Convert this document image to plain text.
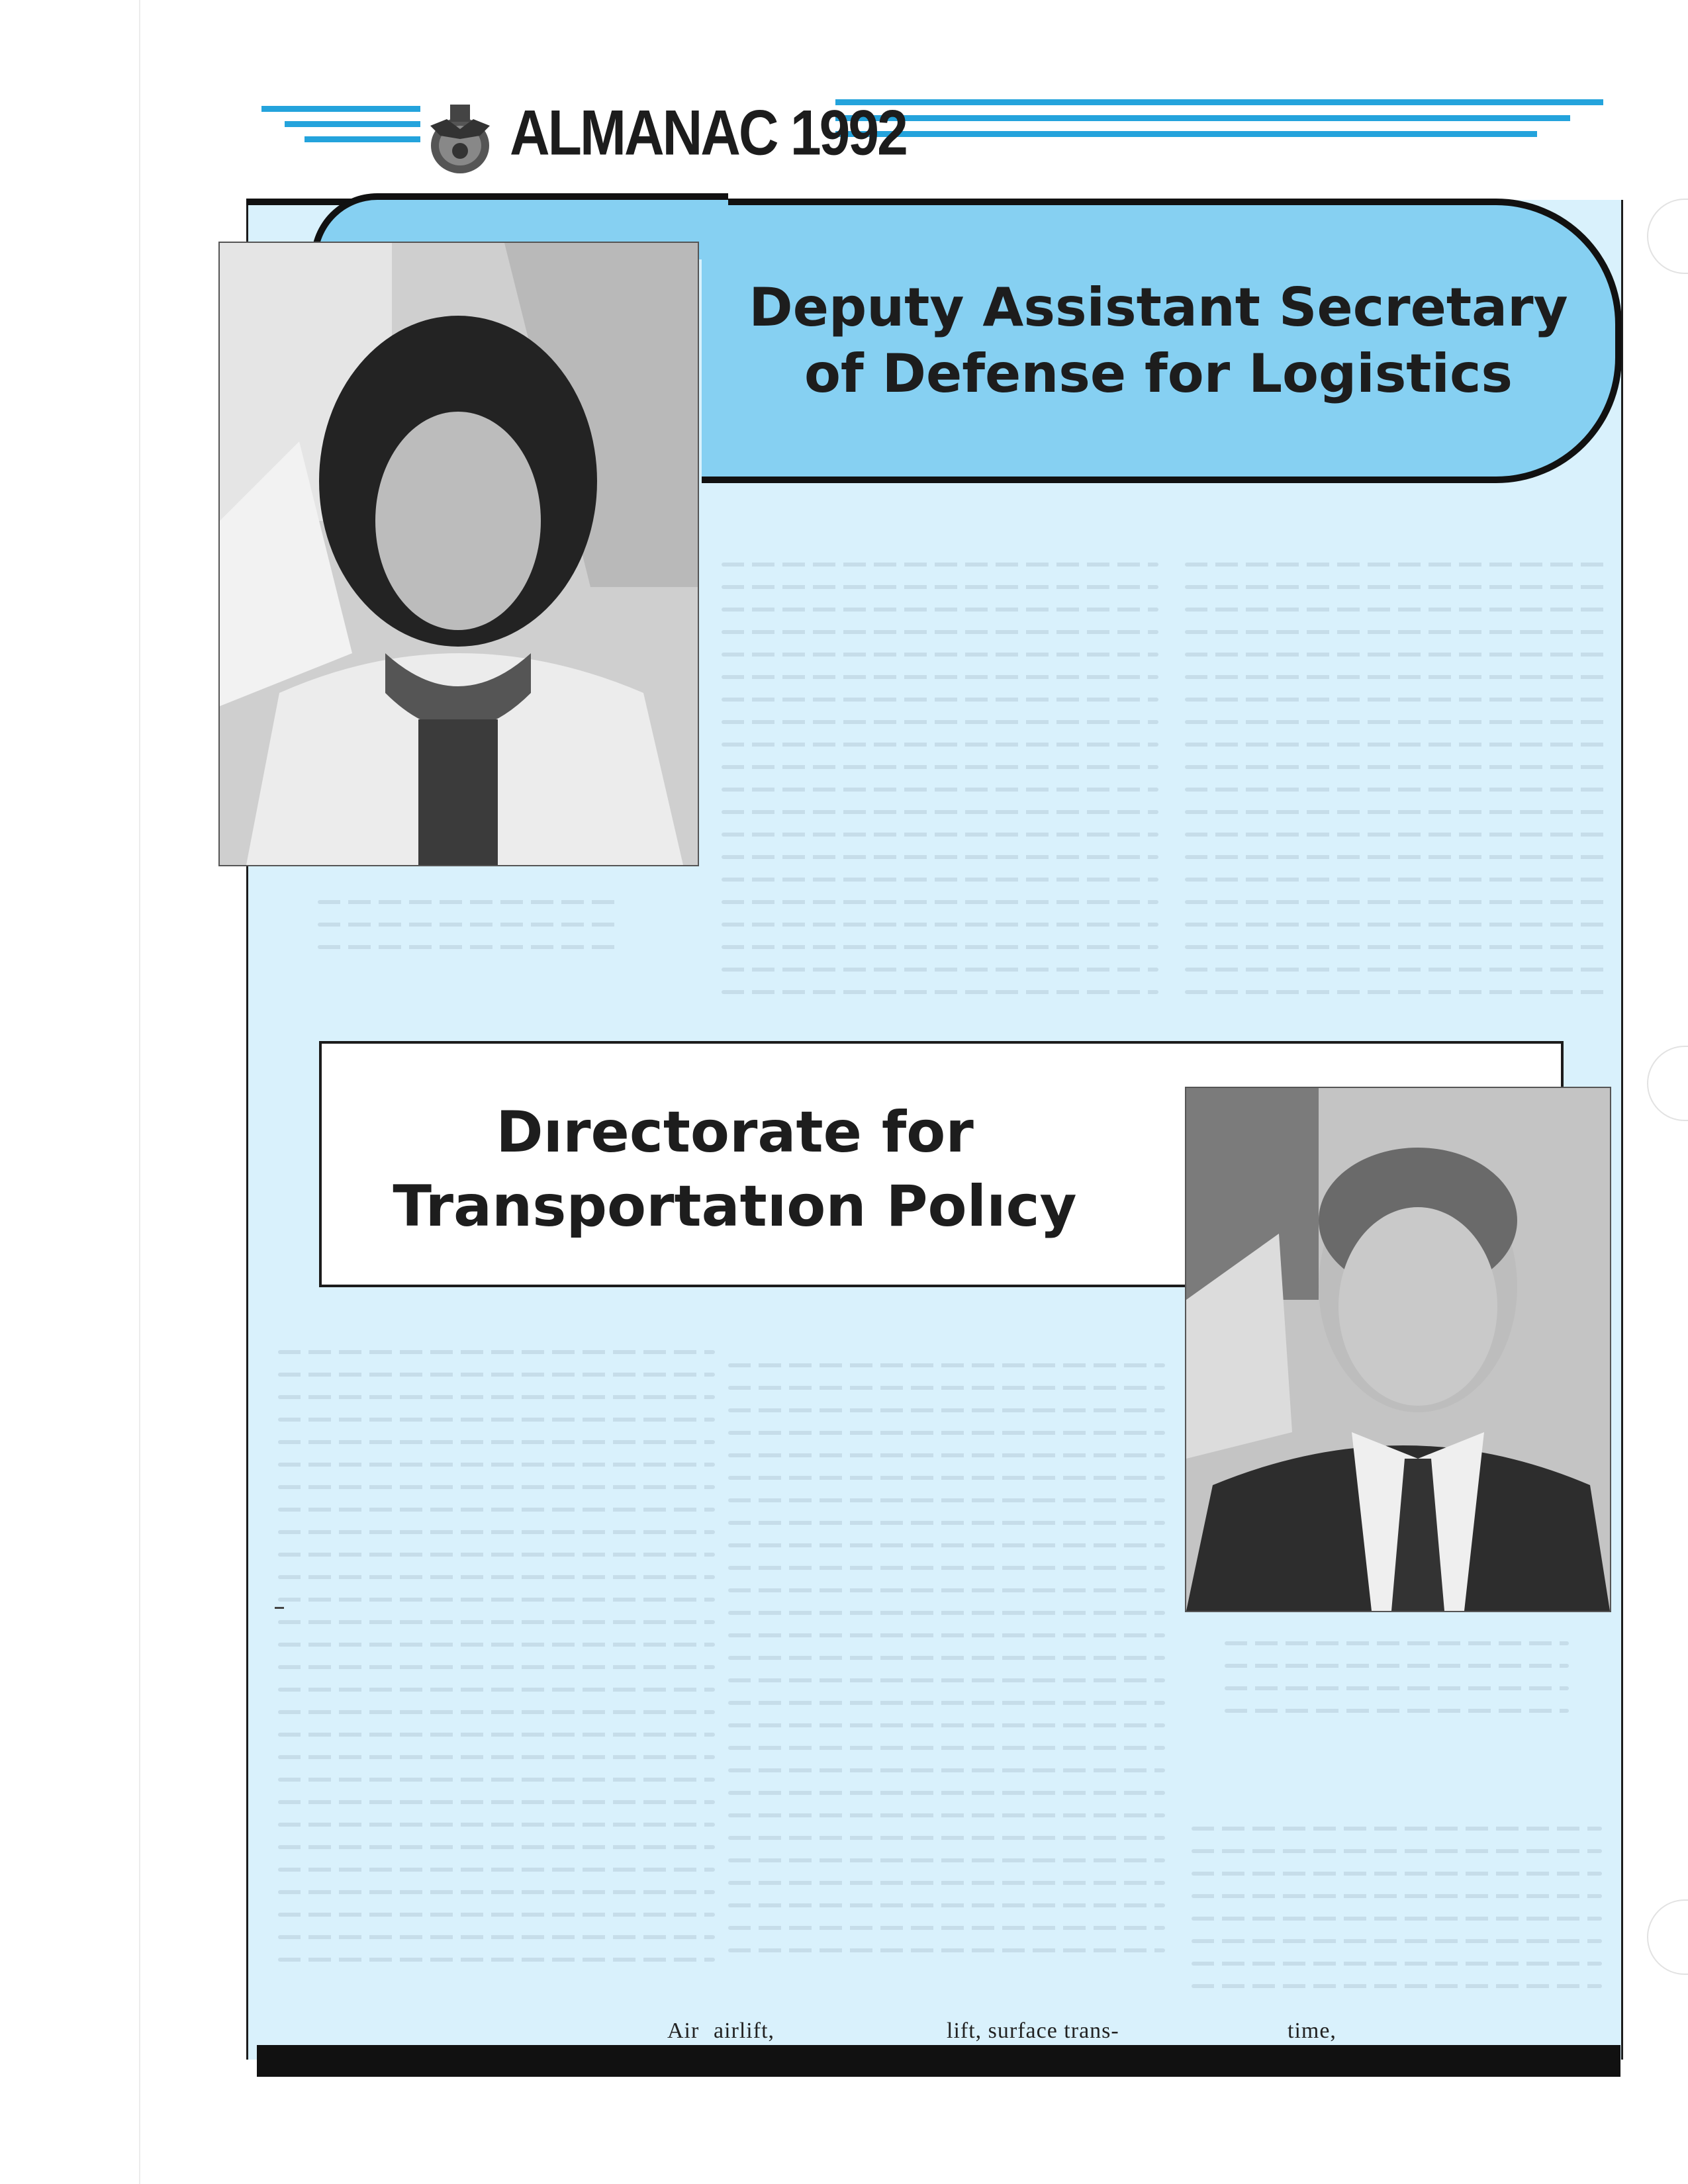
ALMANAC 1992
Deputy Assistant Secretary
of Defense for Logistics
Dırectorate for
Transportatıon Polıcy
Air airlift,	lift, surface trans-	time,
